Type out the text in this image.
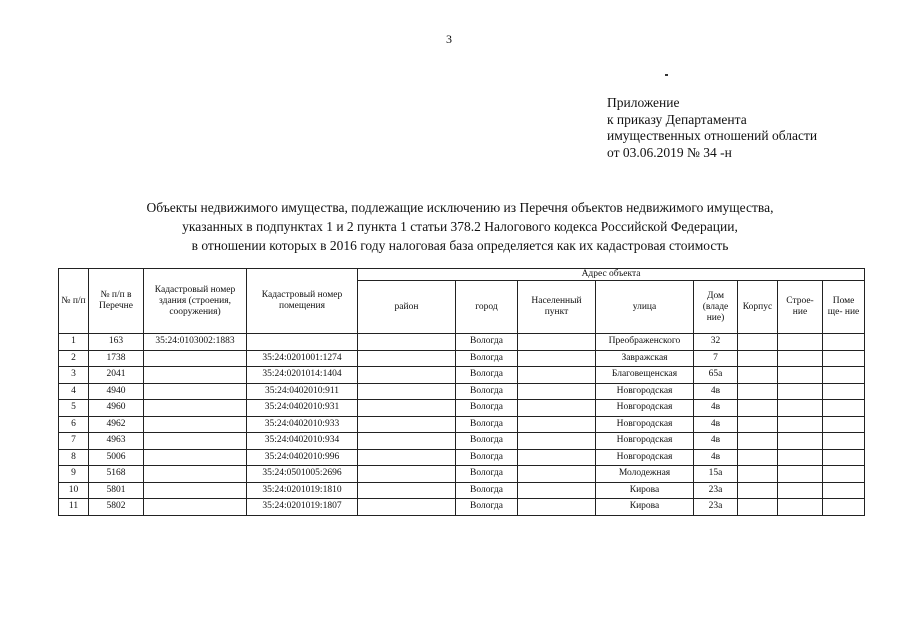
3
Приложение
к приказу Департамента
имущественных отношений области
от 03.06.2019 № 34 -н
Объекты недвижимого имущества, подлежащие исключению из Перечня объектов недвижимого имущества,
указанных в подпунктах 1 и 2 пункта 1 статьи 378.2 Налогового кодекса Российской Федерации,
в отношении которых в 2016 году налоговая база определяется как их кадастровая стоимость
№ п/п	№ п/п в Перечне	Кадастровый номер здания (строения, сооружения)	Кадастровый номер помещения	Адрес объекта							
				район	город	Населенный пункт	улица	Дом (владе ние)	Корпус	Строе- ние	Поме ще- ние
1	163	35:24:0103002:1883			Вологда		Преображенского	32			
2	1738		35:24:0201001:1274		Вологда		Завражская	7			
3	2041		35:24:0201014:1404		Вологда		Благовещенская	65а			
4	4940		35:24:0402010:911		Вологда		Новгородская	4в			
5	4960		35:24:0402010:931		Вологда		Новгородская	4в			
6	4962		35:24:0402010:933		Вологда		Новгородская	4в			
7	4963		35:24:0402010:934		Вологда		Новгородская	4в			
8	5006		35:24:0402010:996		Вологда		Новгородская	4в			
9	5168		35:24:0501005:2696		Вологда		Молодежная	15а			
10	5801		35:24:0201019:1810		Вологда		Кирова	23а			
11	5802		35:24:0201019:1807		Вологда		Кирова	23а			
